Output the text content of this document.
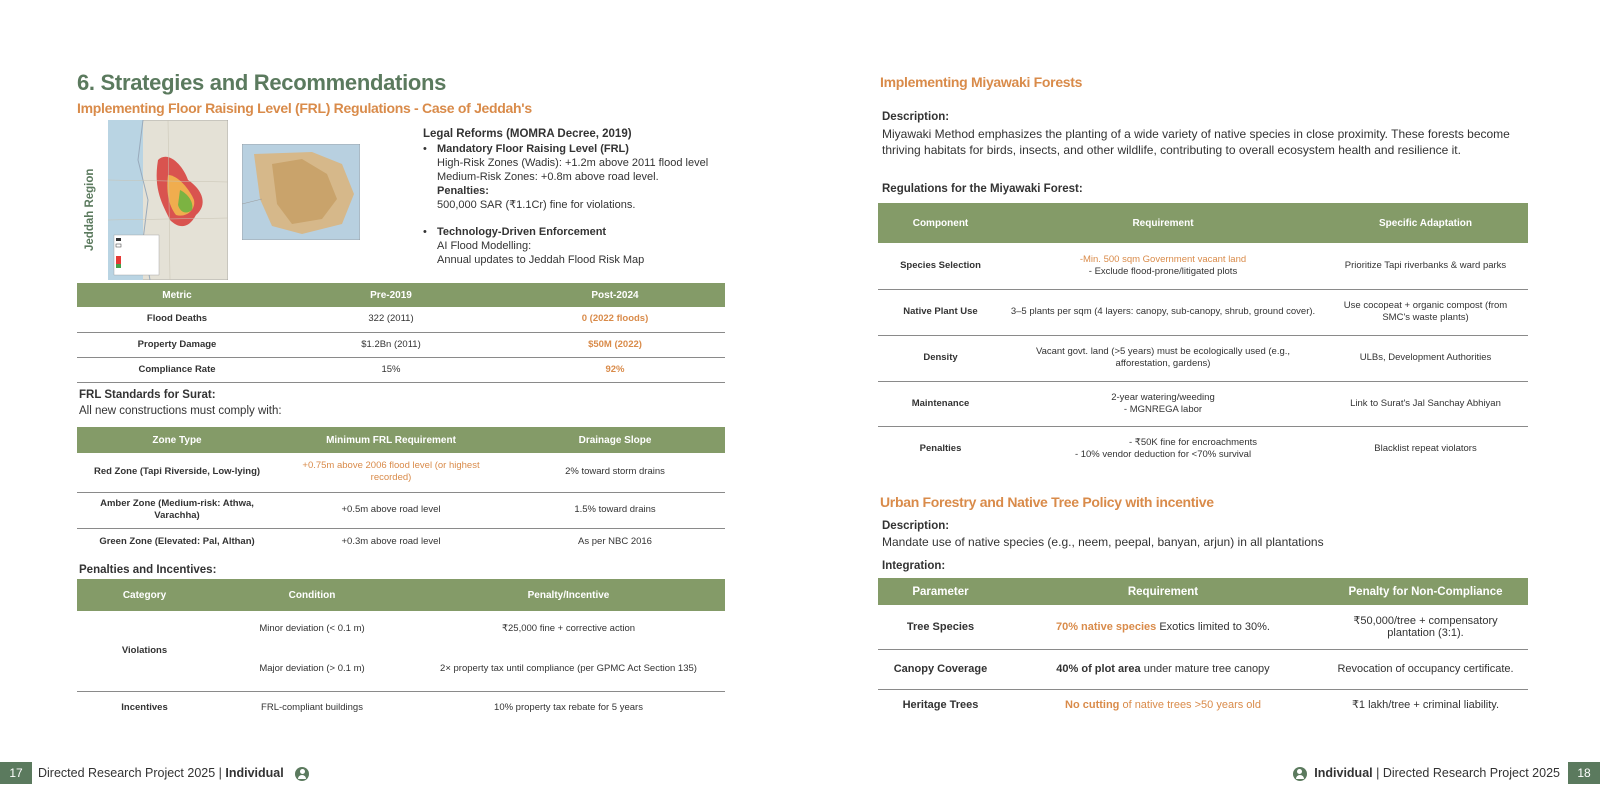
6. Strategies and Recommendations
Implementing Floor Raising Level (FRL) Regulations - Case of Jeddah's
Jeddah Region
Legal Reforms (MOMRA Decree, 2019)
• Mandatory Floor Raising Level (FRL)
High-Risk Zones (Wadis): +1.2m above 2011 flood level
Medium-Risk Zones: +0.8m above road level.
Penalties:
500,000 SAR (₹1.1Cr) fine for violations.
• Technology-Driven Enforcement
AI Flood Modelling:
Annual updates to Jeddah Flood Risk Map
Metric	Pre-2019	Post-2024
Flood Deaths	322 (2011)	0 (2022 floods)
Property Damage	$1.2Bn (2011)	$50M (2022)
Compliance Rate	15%	92%
FRL Standards for Surat:
All new constructions must comply with:
Zone Type	Minimum FRL Requirement	Drainage Slope
Red Zone (Tapi Riverside, Low-lying)	+0.75m above 2006 flood level (or highest recorded)	2% toward storm drains
Amber Zone (Medium-risk: Athwa, Varachha)	+0.5m above road level	1.5% toward drains
Green Zone (Elevated: Pal, Althan)	+0.3m above road level	As per NBC 2016
Penalties and Incentives:
Category	Condition	Penalty/Incentive
Violations	Minor deviation (< 0.1 m)	₹25,000 fine + corrective action
	Major deviation (> 0.1 m)	2× property tax until compliance (per GPMC Act Section 135)
Incentives	FRL-compliant buildings	10% property tax rebate for 5 years
Implementing Miyawaki Forests
Description:
Miyawaki Method emphasizes the planting of a wide variety of native species in close proximity. These forests become thriving habitats for birds, insects, and other wildlife, contributing to overall ecosystem health and resilience it.
Regulations for the Miyawaki Forest:
Component	Requirement	Specific Adaptation
Species Selection	-Min. 500 sqm Government vacant land
- Exclude flood-prone/litigated plots	Prioritize Tapi riverbanks & ward parks
Native Plant Use	3–5 plants per sqm (4 layers: canopy, sub-canopy, shrub, ground cover).	Use cocopeat + organic compost (from SMC's waste plants)
Density	Vacant govt. land (>5 years) must be ecologically used (e.g., afforestation, gardens)	ULBs, Development Authorities
Maintenance	2-year watering/weeding
- MGNREGA labor	Link to Surat's Jal Sanchay Abhiyan
Penalties	- ₹50K fine for encroachments
- 10% vendor deduction for <70% survival	Blacklist repeat violators
Urban Forestry and Native Tree Policy with incentive
Description:
Mandate use of native species (e.g., neem, peepal, banyan, arjun) in all plantations
Integration:
Parameter	Requirement	Penalty for Non-Compliance
Tree Species	70% native species Exotics limited to 30%.	₹50,000/tree + compensatory plantation (3:1).
Canopy Coverage	40% of plot area under mature tree canopy	Revocation of occupancy certificate.
Heritage Trees	No cutting of native trees >50 years old	₹1 lakh/tree + criminal liability.
17	Directed Research Project 2025 | Individual	Individual | Directed Research Project 2025	18
